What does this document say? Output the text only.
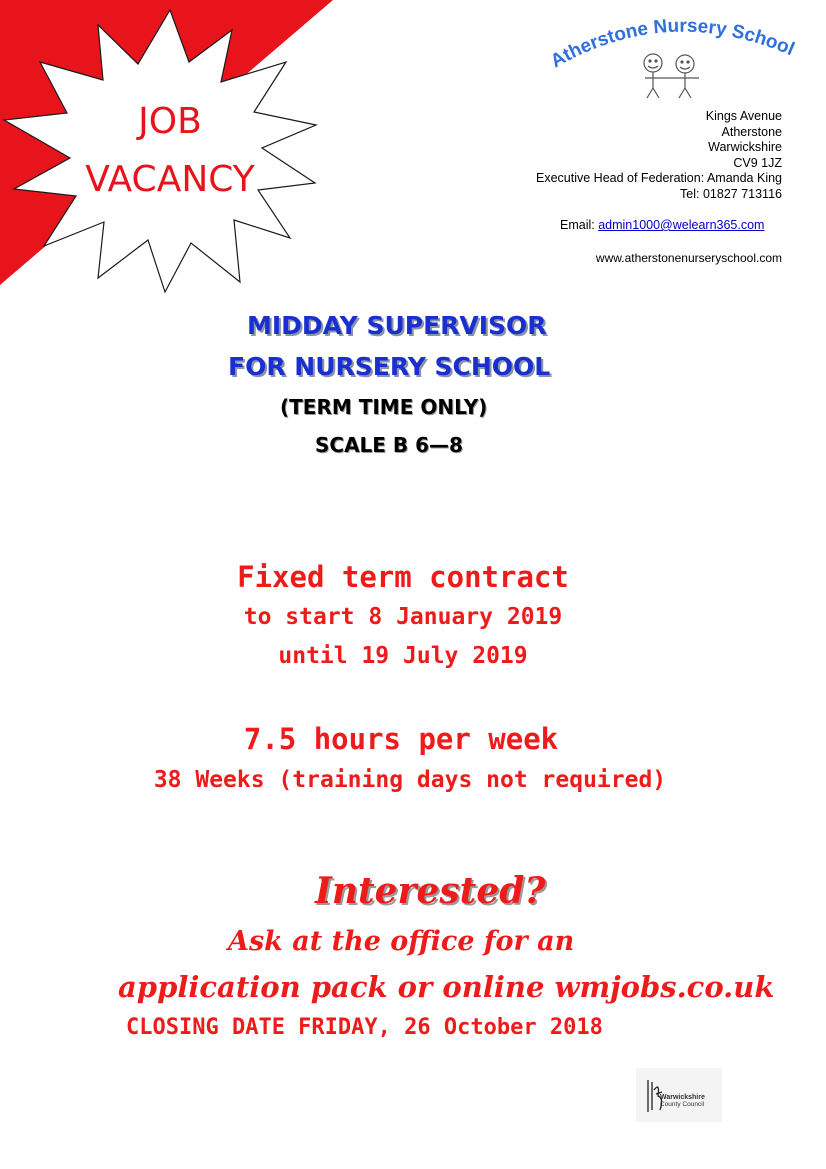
JOB
VACANCY
Atherstone Nursery School
Kings Avenue
Atherstone
Warwickshire
CV9 1JZ
Executive Head of Federation: Amanda King
Tel: 01827 713116
Email: admin1000@welearn365.com
www.atherstonenurseryschool.com
MIDDAY SUPERVISOR
FOR NURSERY SCHOOL
(TERM TIME ONLY)
SCALE B 6—8
Fixed term contract
to start 8 January 2019
until 19 July 2019
7.5 hours per week
38 Weeks (training days not required)
Interested?
Ask at the office for an
application pack or online wmjobs.co.uk
CLOSING DATE FRIDAY, 26 October 2018
Warwickshire
County Council
